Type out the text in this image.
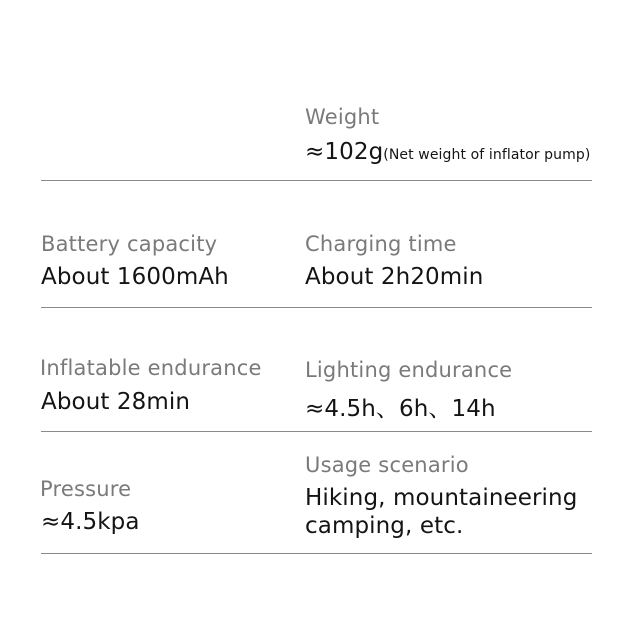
Weight
≈102g(Net weight of inflator pump)
Battery capacity
About 1600mAh
Charging time
About 2h20min
Inflatable endurance
About 28min
Lighting endurance
≈4.5h、6h、14h
Pressure
≈4.5kpa
Usage scenario
Hiking, mountaineering
camping, etc.
